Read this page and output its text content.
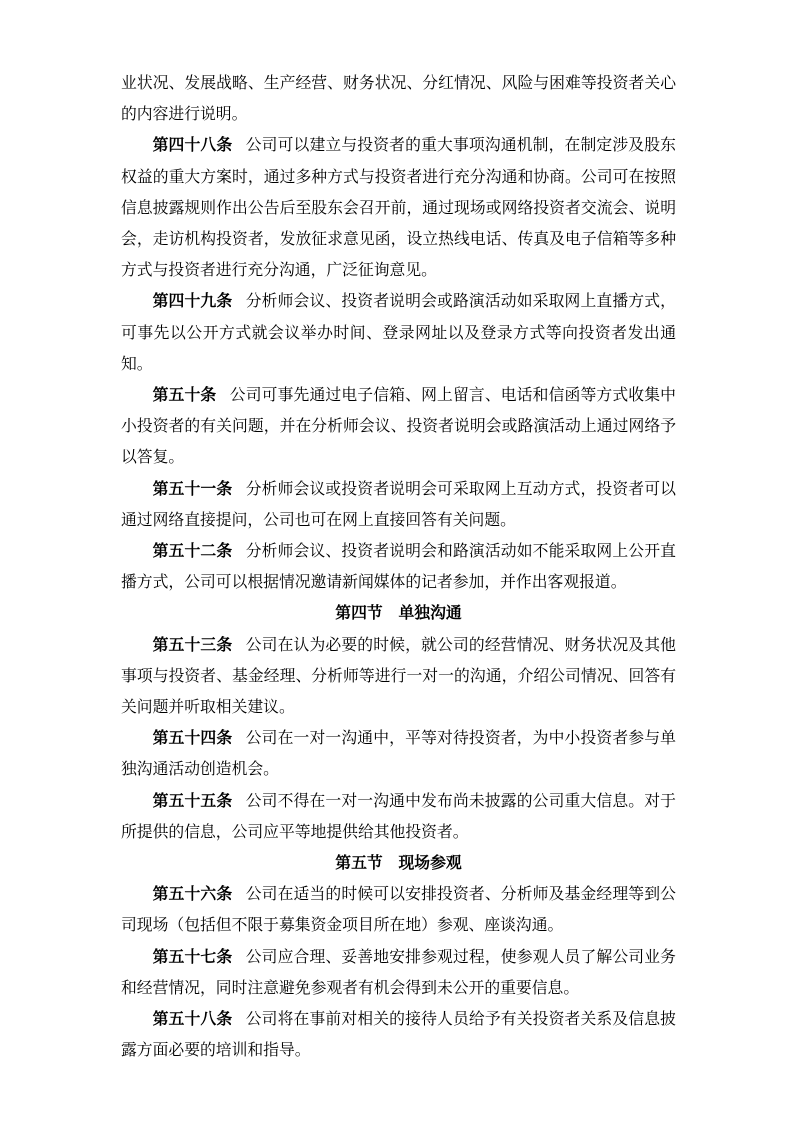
业状况、发展战略、生产经营、财务状况、分红情况、风险与困难等投资者关心的内容进行说明。

第四十八条 公司可以建立与投资者的重大事项沟通机制，在制定涉及股东权益的重大方案时，通过多种方式与投资者进行充分沟通和协商。公司可在按照信息披露规则作出公告后至股东会召开前，通过现场或网络投资者交流会、说明会，走访机构投资者，发放征求意见函，设立热线电话、传真及电子信箱等多种方式与投资者进行充分沟通，广泛征询意见。

第四十九条 分析师会议、投资者说明会或路演活动如采取网上直播方式，可事先以公开方式就会议举办时间、登录网址以及登录方式等向投资者发出通知。

第五十条 公司可事先通过电子信箱、网上留言、电话和信函等方式收集中小投资者的有关问题，并在分析师会议、投资者说明会或路演活动上通过网络予以答复。

第五十一条 分析师会议或投资者说明会可采取网上互动方式，投资者可以通过网络直接提问，公司也可在网上直接回答有关问题。

第五十二条 分析师会议、投资者说明会和路演活动如不能采取网上公开直播方式，公司可以根据情况邀请新闻媒体的记者参加，并作出客观报道。

第四节　单独沟通

第五十三条 公司在认为必要的时候，就公司的经营情况、财务状况及其他事项与投资者、基金经理、分析师等进行一对一的沟通，介绍公司情况、回答有关问题并听取相关建议。

第五十四条 公司在一对一沟通中，平等对待投资者，为中小投资者参与单独沟通活动创造机会。

第五十五条 公司不得在一对一沟通中发布尚未披露的公司重大信息。对于所提供的信息，公司应平等地提供给其他投资者。

第五节　现场参观

第五十六条 公司在适当的时候可以安排投资者、分析师及基金经理等到公司现场（包括但不限于募集资金项目所在地）参观、座谈沟通。

第五十七条 公司应合理、妥善地安排参观过程，使参观人员了解公司业务和经营情况，同时注意避免参观者有机会得到未公开的重要信息。

第五十八条 公司将在事前对相关的接待人员给予有关投资者关系及信息披露方面必要的培训和指导。
